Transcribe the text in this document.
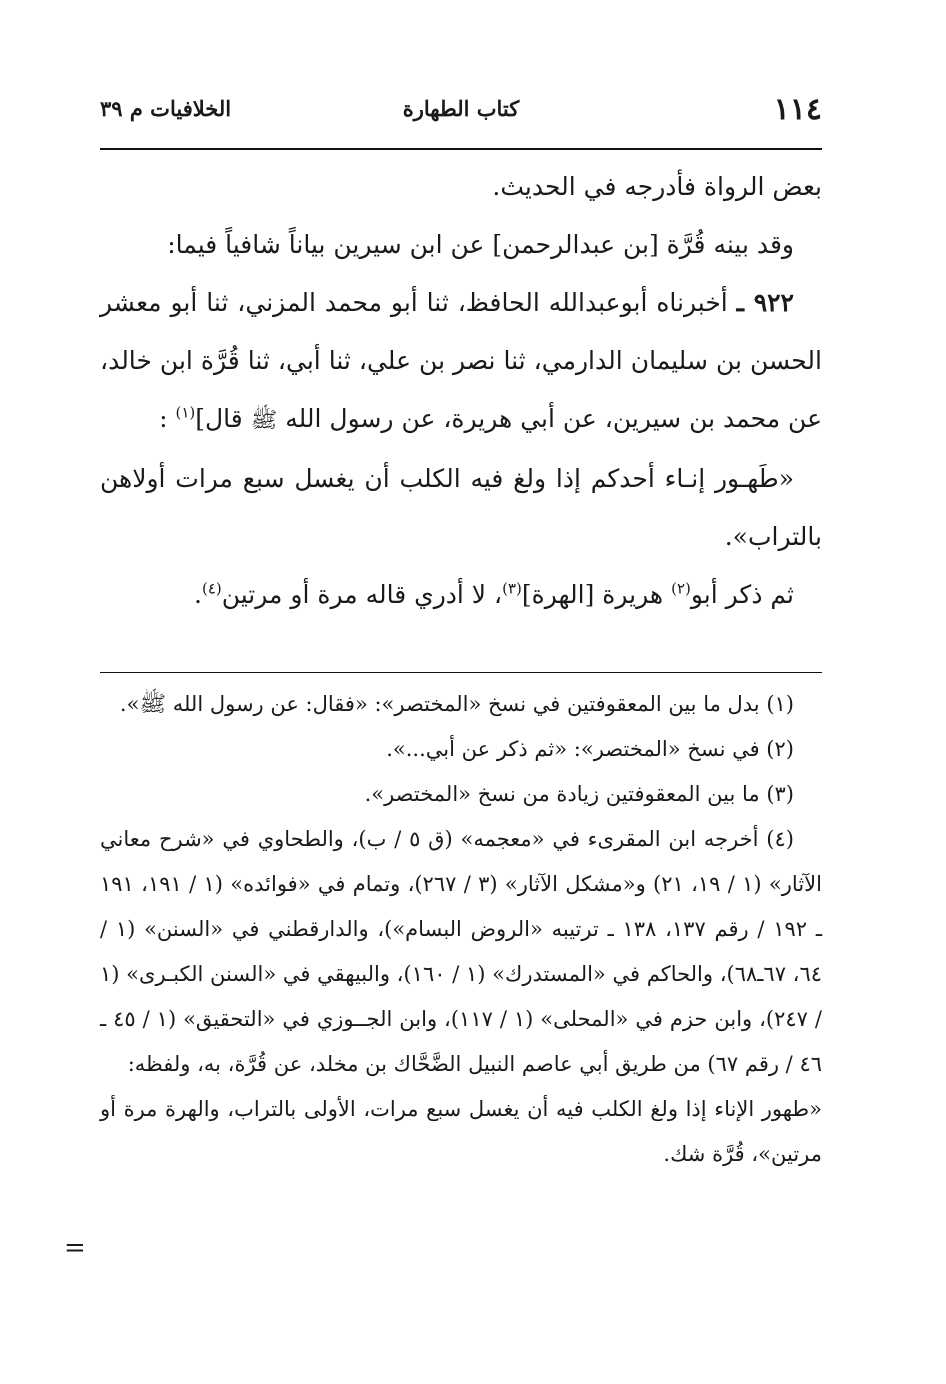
١١٤
كتاب الطهارة
الخلافيات م ٣٩

بعض الرواة فأدرجه في الحديث.

وقد بينه قُرَّة [بن عبدالرحمن] عن ابن سيرين بياناً شافياً فيما:

٩٢٢ ـ أخبرناه أبوعبدالله الحافظ، ثنا أبو محمد المزني، ثنا أبو معشر الحسن بن سليمان الدارمي، ثنا نصر بن علي، ثنا أبي، ثنا قُرَّة ابن خالد، عن محمد بن سيرين، عن أبي هريرة، عن رسول الله ﷺ قال]$^{(١)}$ :

«طَهـور إنـاء أحدكم إذا ولغ فيه الكلب أن يغسل سبع مرات أولاهن بالتراب».

ثم ذكر أبو$^{(٢)}$ هريرة [الهرة]$^{(٣)}$، لا أدري قاله مرة أو مرتين$^{(٤)}$.

(١) بدل ما بين المعقوفتين في نسخ «المختصر»: «فقال: عن رسول الله ﷺ».

(٢) في نسخ «المختصر»: «ثم ذكر عن أبي...».

(٣) ما بين المعقوفتين زيادة من نسخ «المختصر».

(٤) أخرجه ابن المقرىء في «معجمه» (ق ٥ / ب)، والطحاوي في «شرح معاني الآثار» (١ / ١٩، ٢١) و«مشكل الآثار» (٣ / ٢٦٧)، وتمام في «فوائده» (١ / ١٩١، ١٩١ ـ ١٩٢ / رقم ١٣٧، ١٣٨ ـ ترتيبه «الروض البسام»)، والدارقطني في «السنن» (١ / ٦٤، ٦٧ـ٦٨)، والحاكم في «المستدرك» (١ / ١٦٠)، والبيهقي في «السنن الكبـرى» (١ / ٢٤٧)، وابن حزم في «المحلى» (١ / ١١٧)، وابن الجــوزي في «التحقيق» (١ / ٤٥ ـ ٤٦ / رقم ٦٧) من طريق أبي عاصم النبيل الضَّحَّاك بن مخلد، عن قُرَّة، به، ولفظه:

«طهور الإناء إذا ولغ الكلب فيه أن يغسل سبع مرات، الأولى بالتراب، والهرة مرة أو مرتين»، قُرَّة شك.

=
